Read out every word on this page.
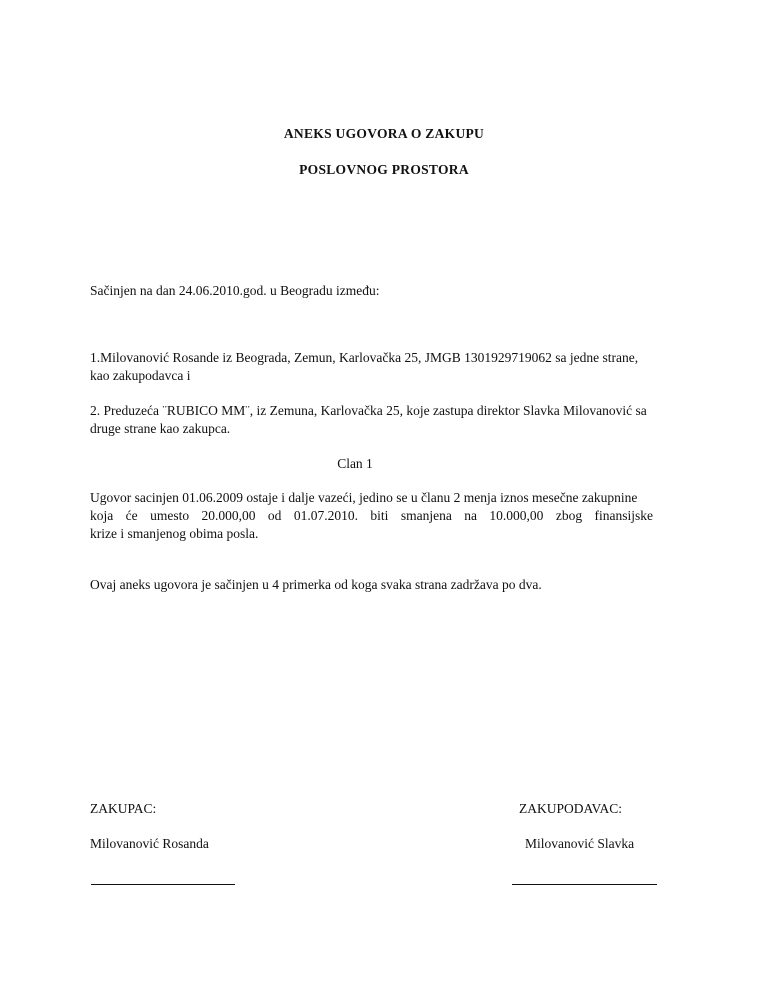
ANEKS UGOVORA O ZAKUPU
POSLOVNOG PROSTORA
Sačinjen na dan 24.06.2010.god. u Beogradu između:
1.Milovanović Rosande iz Beograda, Zemun, Karlovačka 25, JMGB 1301929719062 sa jedne strane, kao zakupodavca i
2. Preduzeća ¨RUBICO MM¨, iz Zemuna, Karlovačka 25, koje zastupa direktor Slavka Milovanović sa druge strane kao zakupca.
Clan 1
Ugovor sacinjen 01.06.2009 ostaje i dalje vazeći, jedino se u članu 2 menja iznos mesečne zakupnine
koja će umesto 20.000,00 od 01.07.2010. biti smanjena na 10.000,00 zbog finansijske
krize i smanjenog obima posla.
Ovaj aneks ugovora je sačinjen u 4 primerka od koga svaka strana zadržava po dva.
ZAKUPAC:	ZAKUPODAVAC:
Milovanović Rosanda	Milovanović Slavka
